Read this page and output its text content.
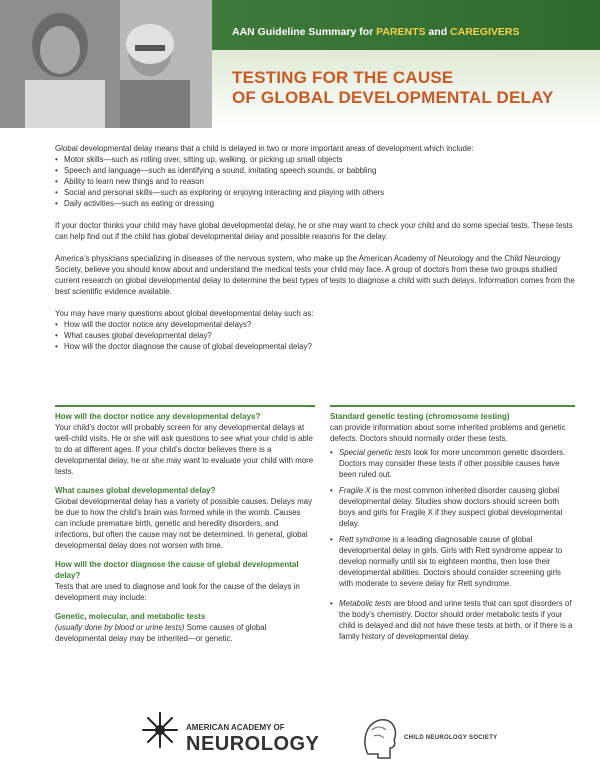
AAN Guideline Summary for PARENTS and CAREGIVERS
TESTING FOR THE CAUSE
OF GLOBAL DEVELOPMENTAL DELAY

Global developmental delay means that a child is delayed in two or more important areas of development which include:

• Motor skills—such as rolling over, sitting up, walking, or picking up small objects
• Speech and language—such as identifying a sound, imitating speech sounds, or babbling
• Ability to learn new things and to reason
• Social and personal skills—such as exploring or enjoying interacting and playing with others
• Daily activities—such as eating or dressing

If your doctor thinks your child may have global developmental delay, he or she may want to check your child and do some special tests. These tests can help find out if the child has global developmental delay and possible reasons for the delay.

America’s physicians specializing in diseases of the nervous system, who make up the American Academy of Neurology and the Child Neurology Society, believe you should know about and understand the medical tests your child may face. A group of doctors from these two groups studied current research on global developmental delay to determine the best types of tests to diagnose a child with such delays. Information comes from the best scientific evidence available.

You may have many questions about global developmental delay such as:

• How will the doctor notice any developmental delays?
• What causes global developmental delay?
• How will the doctor diagnose the cause of global developmental delay?

How will the doctor notice any developmental delays?

Your child’s doctor will probably screen for any developmental delays at well-child visits. He or she will ask questions to see what your child is able to do at different ages. If your child’s doctor believes there is a developmental delay, he or she may want to evaluate your child with more tests.

What causes global developmental delay?

Global developmental delay has a variety of possible causes. Delays may be due to how the child’s brain was formed while in the womb. Causes can include premature birth, genetic and heredity disorders, and infections, but often the cause may not be determined. In general, global developmental delay does not worsen with time.

How will the doctor diagnose the cause of global developmental delay?

Tests that are used to diagnose and look for the cause of the delays in development may include:

Genetic, molecular, and metabolic tests

(usually done by blood or urine tests) Some causes of global developmental delay may be inherited—or genetic.

Standard genetic testing (chromosome testing)

can provide information about some inherited problems and genetic defects. Doctors should normally order these tests.

• Special genetic tests look for more uncommon genetic disorders. Doctors may consider these tests if other possible causes have been ruled out.
• Fragile X is the most common inherited disorder causing global developmental delay. Studies show doctors should screen both boys and girls for Fragile X if they suspect global developmental delay.
• Rett syndrome is a leading diagnosable cause of global developmental delay in girls. Girls with Rett syndrome appear to develop normally until six to eighteen months, then lose their developmental abilities. Doctors should consider screening girls with moderate to severe delay for Rett syndrome.
• Metabolic tests are blood and urine tests that can spot disorders of the body’s chemistry. Doctor should order metabolic tests if your child is delayed and did not have these tests at birth, or if there is a family history of developmental delay.
AMERICAN ACADEMY OF
NEUROLOGY	CHILD NEUROLOGY SOCIETY
